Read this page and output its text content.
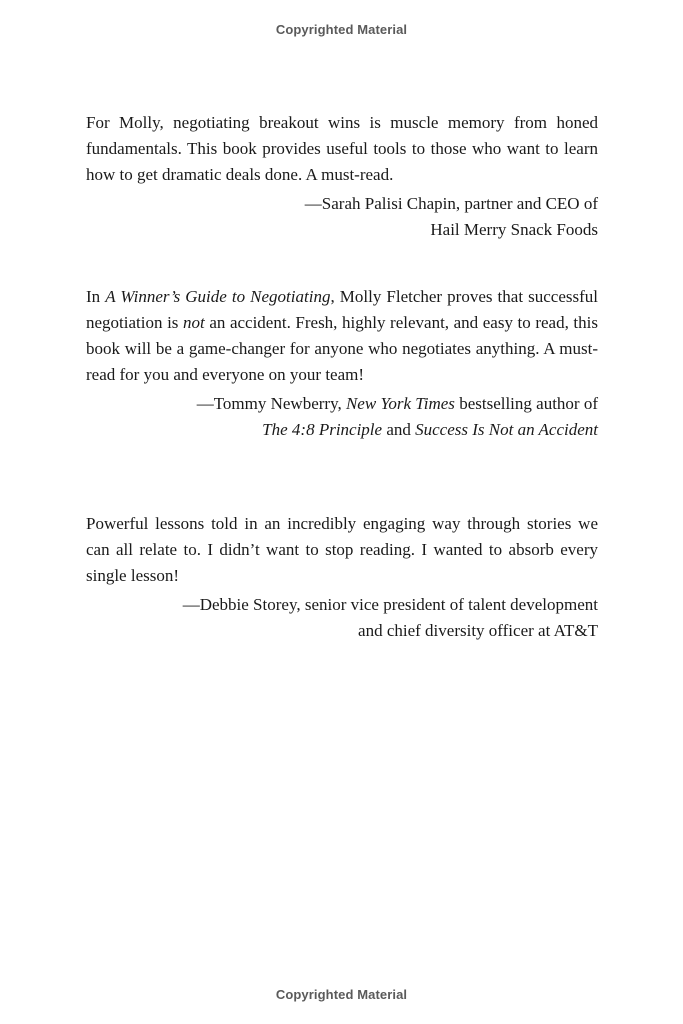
Copyrighted Material

For Molly, negotiating breakout wins is muscle memory from honed fundamentals. This book provides useful tools to those who want to learn how to get dramatic deals done. A must-read.

—Sarah Palisi Chapin, partner and CEO of
Hail Merry Snack Foods

In A Winner’s Guide to Negotiating, Molly Fletcher proves that successful negotiation is not an accident. Fresh, highly relevant, and easy to read, this book will be a game-changer for anyone who negotiates anything. A must-read for you and everyone on your team!

—Tommy Newberry, New York Times bestselling author of
The 4:8 Principle and Success Is Not an Accident

Powerful lessons told in an incredibly engaging way through stories we can all relate to. I didn’t want to stop reading. I wanted to absorb every single lesson!

—Debbie Storey, senior vice president of talent development
and chief diversity officer at AT&T

Copyrighted Material
